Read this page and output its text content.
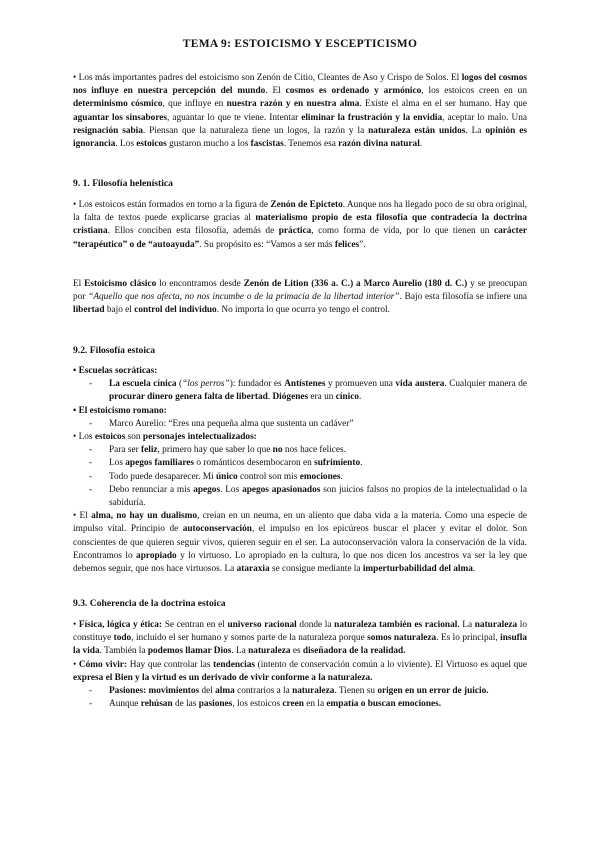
TEMA 9: ESTOICISMO Y ESCEPTICISMO

• Los más importantes padres del estoicismo son Zenón de Citio, Cleantes de Aso y Crispo de Solos. El logos del cosmos nos influye en nuestra percepción del mundo. El cosmos es ordenado y armónico, los estoicos creen en un determinismo cósmico, que influye en nuestra razón y en nuestra alma. Existe el alma en el ser humano. Hay que aguantar los sinsabores, aguantar lo que te viene. Intentar eliminar la frustración y la envidia, aceptar lo malo. Una resignación sabia. Piensan que la naturaleza tiene un logos, la razón y la naturaleza están unidos. La opinión es ignorancia. Los estoicos gustaron mucho a los fascistas. Tenemos esa razón divina natural.

9. 1. Filosofía helenística

• Los estoicos están formados en torno a la figura de Zenón de Epicteto. Aunque nos ha llegado poco de su obra original, la falta de textos puede explicarse gracias al materialismo propio de esta filosofía que contradecía la doctrina cristiana. Ellos conciben esta filosofía, además de práctica, como forma de vida, por lo que tienen un carácter “terapéutico” o de “autoayuda”. Su propósito es: “Vamos a ser más felices”.

El Estoicismo clásico lo encontramos desde Zenón de Lition (336 a. C.) a Marco Aurelio (180 d. C.) y se preocupan por “Aquello que nos afecta, no nos incumbe o de la primacía de la libertad interior”. Bajo esta filosofía se infiere una libertad bajo el control del individuo. No importa lo que ocurra yo tengo el control.

9.2. Filosofía estoica
• Escuelas socráticas:
- La escuela cínica (“los perros”): fundador es Antístenes y promueven una vida austera. Cualquier manera de procurar dinero genera falta de libertad. Diógenes era un cínico.
• El estoicismo romano:
- Marco Aurelio: “Eres una pequeña alma que sustenta un cadáver”
• Los estoicos son personajes intelectualizados:
- Para ser feliz, primero hay que saber lo que no nos hace felices.
- Los apegos familiares o románticos desembocaron en sufrimiento.
- Todo puede desaparecer. Mi único control son mis emociones.
- Debo renunciar a mis apegos. Los apegos apasionados son juicios falsos no propios de la intelectualidad o la sabiduría.
• El alma, no hay un dualismo, creían en un neuma, en un aliento que daba vida a la materia. Como una especie de impulso vital. Principio de autoconservación, el impulso en los epicúreos buscar el placer y evitar el dolor. Son conscientes de que quieren seguir vivos, quieren seguir en el ser. La autoconservación valora la conservación de la vida. Encontramos lo apropiado y lo virtuoso. Lo apropiado en la cultura, lo que nos dicen los ancestros va ser la ley que debemos seguir, que nos hace virtuosos. La ataraxia se consigue mediante la imperturbabilidad del alma.
9.3. Coherencia de la doctrina estoica
• Física, lógica y ética: Se centran en el universo racional donde la naturaleza también es racional. La naturaleza lo constituye todo, incluido el ser humano y somos parte de la naturaleza porque somos naturaleza. Es lo principal, insufla la vida. También la podemos llamar Dios. La naturaleza es diseñadora de la realidad.
• Cómo vivir: Hay que controlar las tendencias (intento de conservación común a lo viviente). El Virtuoso es aquel que expresa el Bien y la virtud es un derivado de vivir conforme a la naturaleza.
- Pasiones: movimientos del alma contrarios a la naturaleza. Tienen su origen en un error de juicio.
- Aunque rehúsan de las pasiones, los estoicos creen en la empatía o buscan emociones.
